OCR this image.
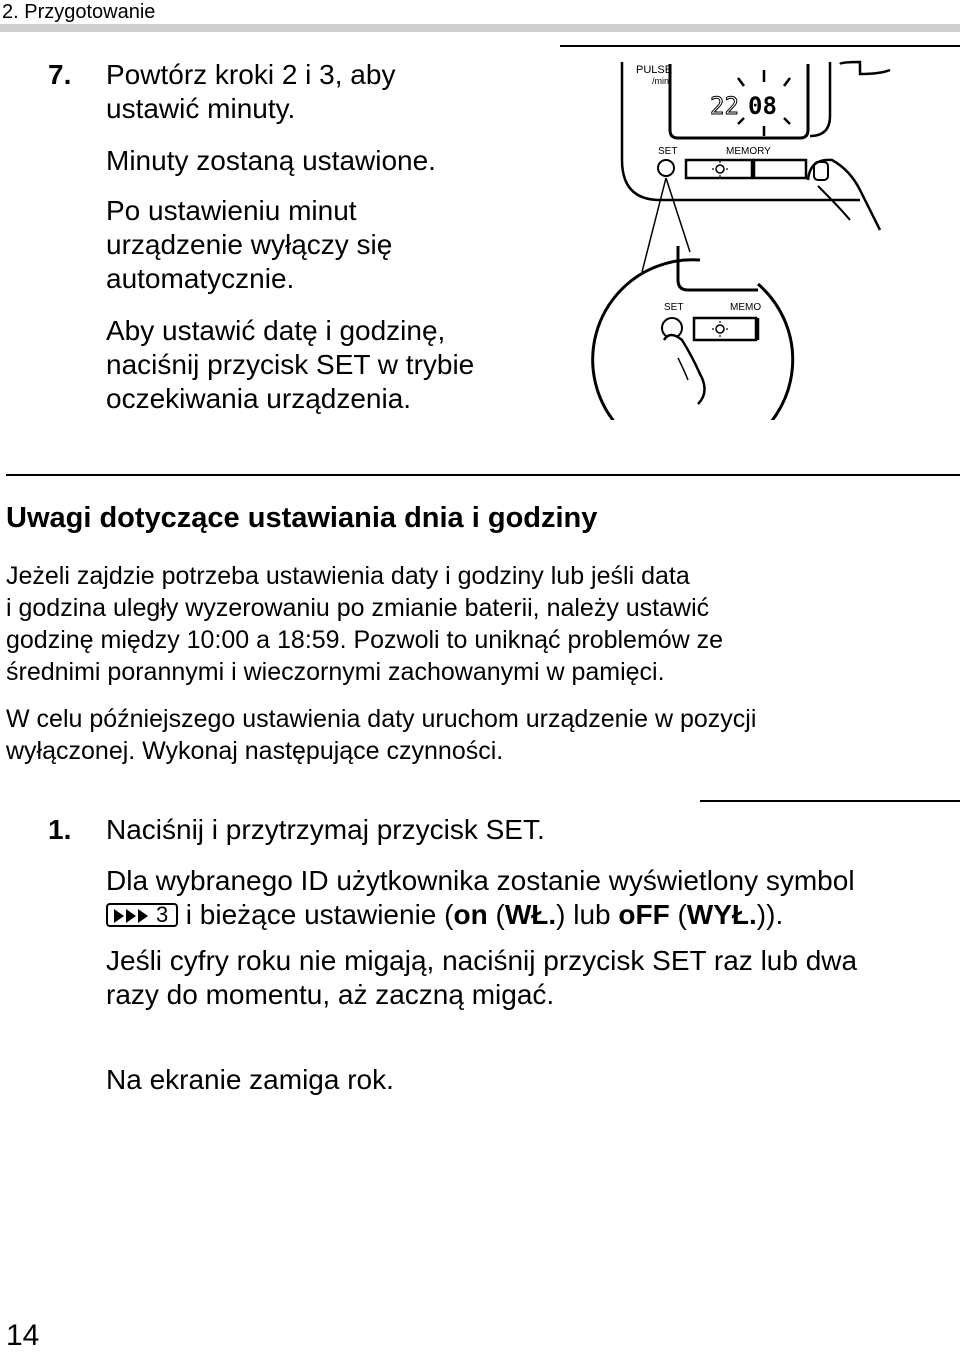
2. Przygotowanie
7. Powtórz kroki 2 i 3, aby
ustawić minuty.
Minuty zostaną ustawione.
Po ustawieniu minut
urządzenie wyłączy się
automatycznie.
Aby ustawić datę i godzinę,
naciśnij przycisk SET w trybie
oczekiwania urządzenia.
PULSE
/min
22 08
SET	MEMORY
SET	MEMO
Uwagi dotyczące ustawiania dnia i godziny
Jeżeli zajdzie potrzeba ustawienia daty i godziny lub jeśli data
i godzina uległy wyzerowaniu po zmianie baterii, należy ustawić
godzinę między 10:00 a 18:59. Pozwoli to uniknąć problemów ze
średnimi porannymi i wieczornymi zachowanymi w pamięci.
W celu późniejszego ustawienia daty uruchom urządzenie w pozycji
wyłączonej. Wykonaj następujące czynności.
1. Naciśnij i przytrzymaj przycisk SET.
Dla wybranego ID użytkownika zostanie wyświetlony symbol
3 i bieżące ustawienie (on (WŁ.) lub oFF (WYŁ.)).
Jeśli cyfry roku nie migają, naciśnij przycisk SET raz lub dwa
razy do momentu, aż zaczną migać.
Na ekranie zamiga rok.
14
